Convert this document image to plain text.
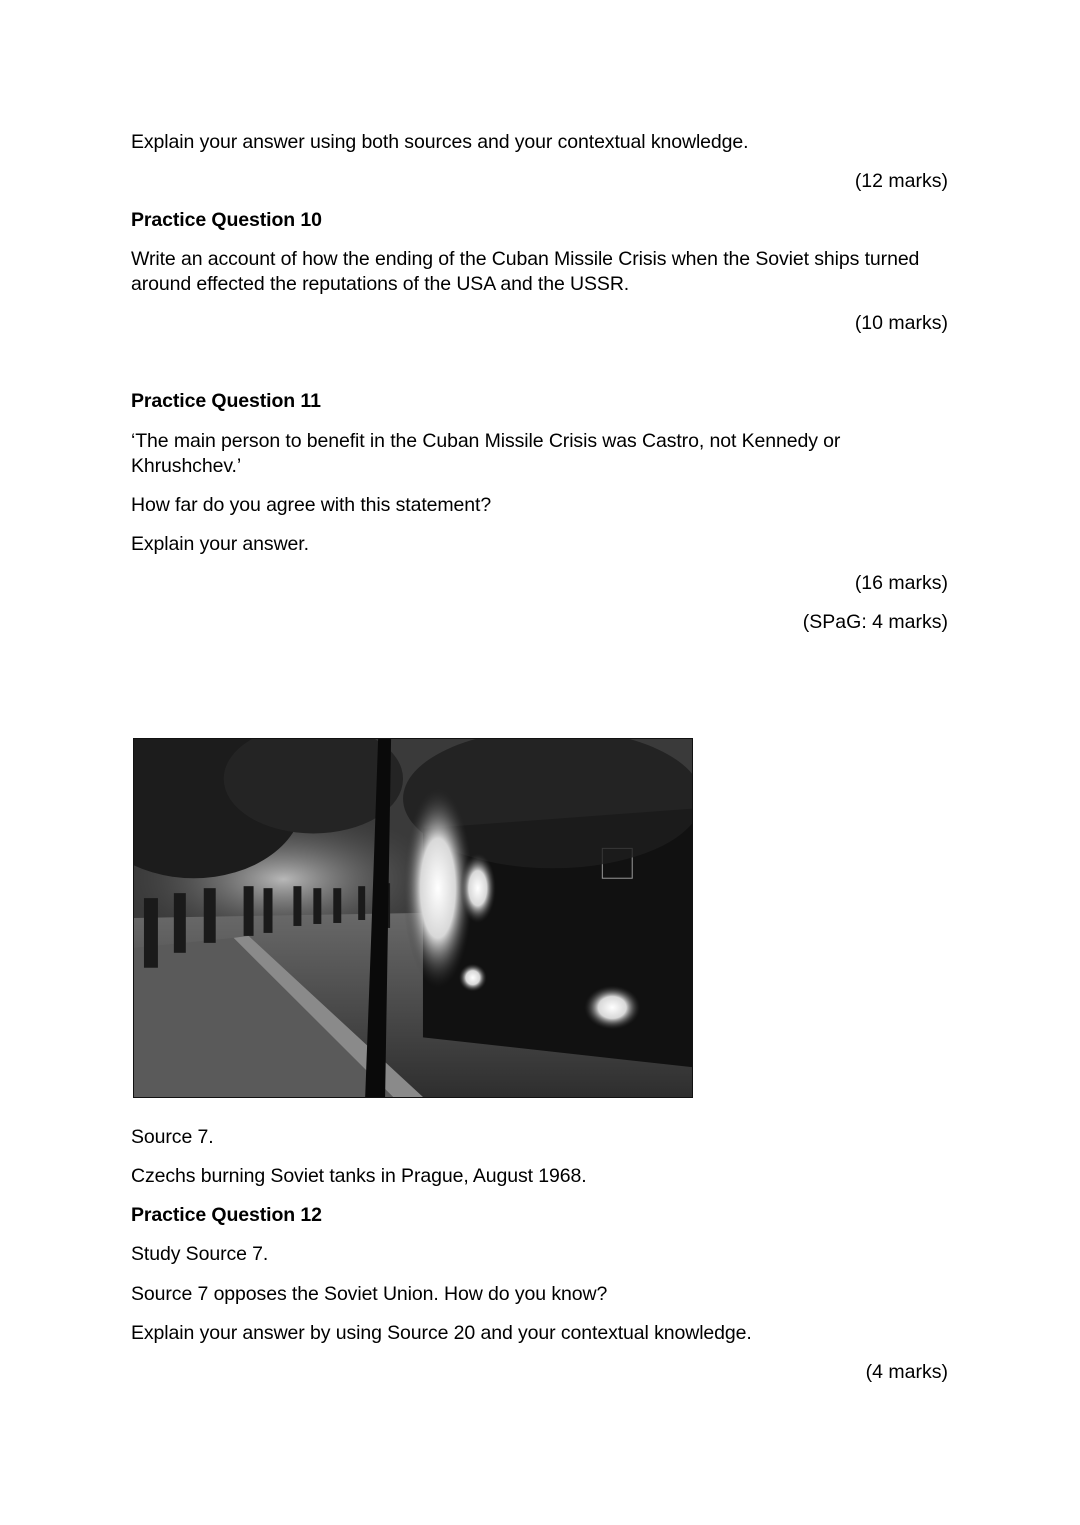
Explain your answer using both sources and your contextual knowledge.
(12 marks)
Practice Question 10
Write an account of how the ending of the Cuban Missile Crisis when the Soviet ships turned
around effected the reputations of the USA and the USSR.
(10 marks)
Practice Question 11
‘The main person to benefit in the Cuban Missile Crisis was Castro, not Kennedy or
Khrushchev.’
How far do you agree with this statement?
Explain your answer.
(16 marks)
(SPaG: 4 marks)
Source 7.
Czechs burning Soviet tanks in Prague, August 1968.
Practice Question 12
Study Source 7.
Source 7 opposes the Soviet Union. How do you know?
Explain your answer by using Source 20 and your contextual knowledge.
(4 marks)
